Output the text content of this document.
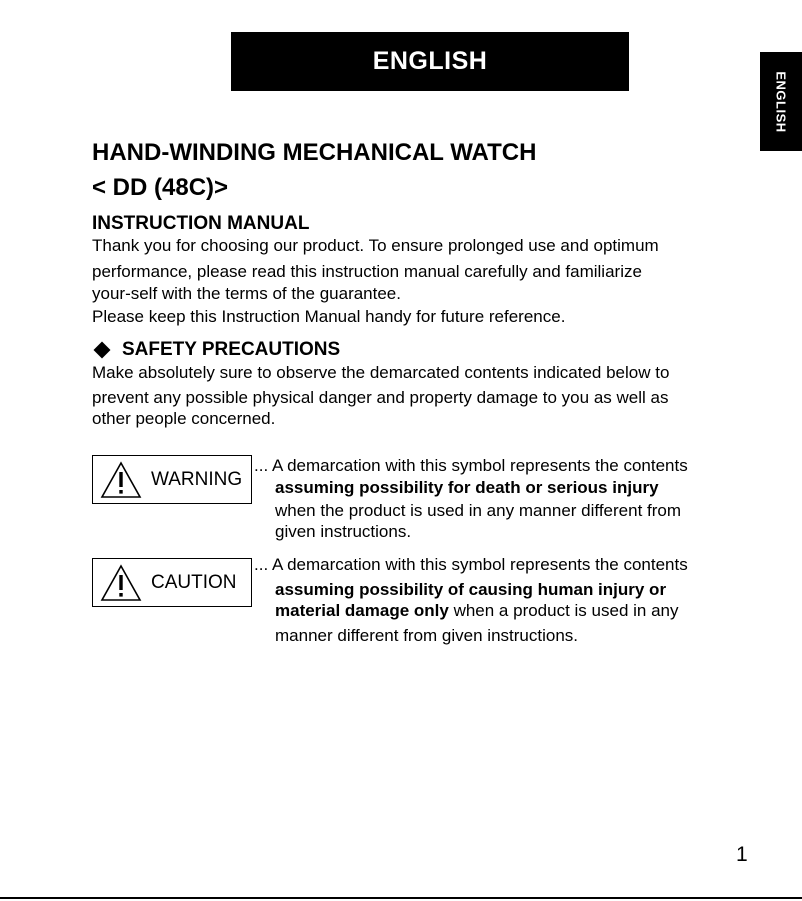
ENGLISH
ENGLISH
HAND-WINDING MECHANICAL WATCH
< DD (48C)>
INSTRUCTION MANUAL
Thank you for choosing our product. To ensure prolonged use and optimum
performance, please read this instruction manual carefully and familiarize
your-self with the terms of the guarantee.
Please keep this Instruction Manual handy for future reference.
SAFETY PRECAUTIONS
Make absolutely sure to observe the demarcated contents indicated below to
prevent any possible physical danger and property damage to you as well as
other people concerned.
WARNING
... A demarcation with this symbol represents the contents
assuming possibility for death or serious injury
when the product is used in any manner different from
given instructions.
CAUTION
... A demarcation with this symbol represents the contents
assuming possibility of causing human injury or
material damage only when a product is used in any
manner different from given instructions.
1
